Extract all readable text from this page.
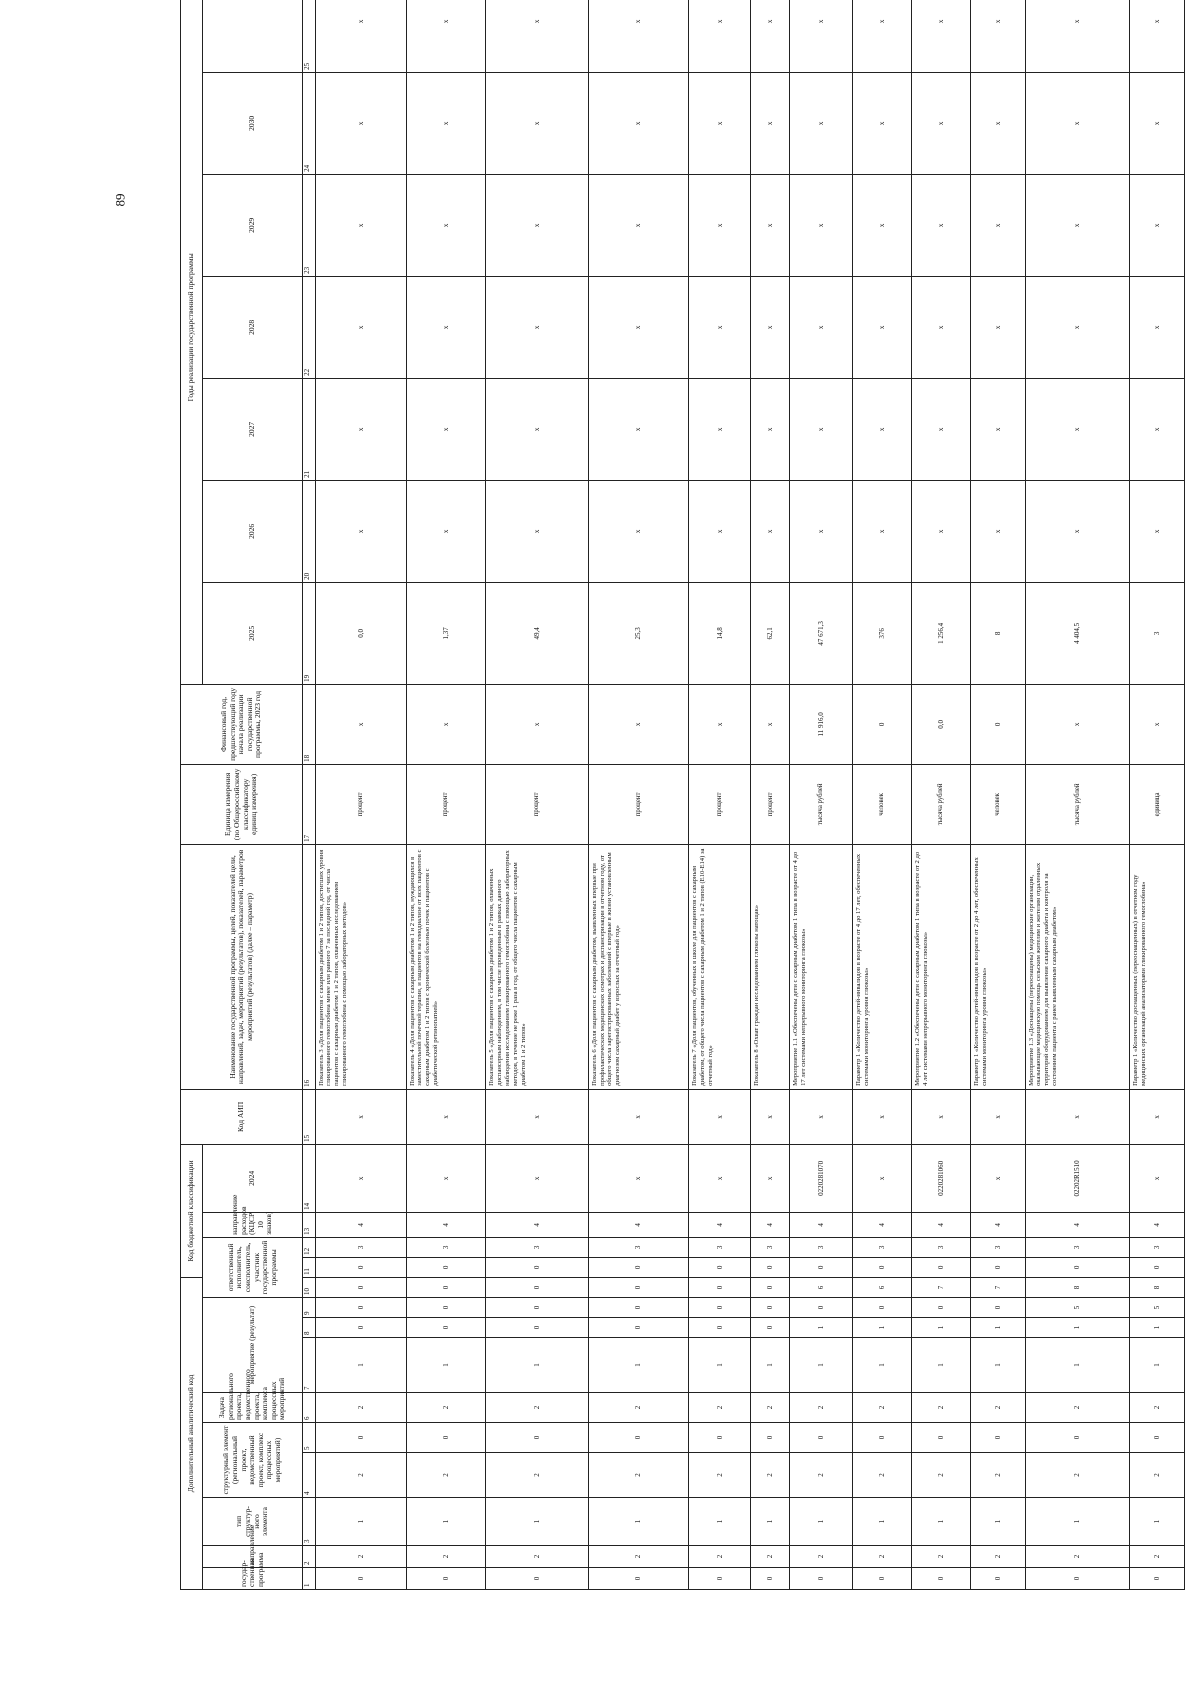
89
Дополнительный аналитический код										Код бюджетной классификации				Код АИП	Наименование государственной программы, целей, показателей цели, направлений, задач, мероприятий (результатов), показателей, параметров мероприятий (результатов) (далее – параметр)	Единица измерения (по Общероссийскому классификатору единиц измерения)	Финансовый год, предшествующий году начала реализации государственной программы, 2023 год	Годы реализации государственной программы						
государ-ственная программа	направление	тип структур-ного элемента	структурный элемент (региональный проект, ведомственный проект, комплекс процессных мероприятий)		Задача регионального проекта, ведомственного проекта, комплекса процессных мероприятий	мероприятие (результат)			ответственный исполнитель, соисполнитель, участник государственной программы			направление расходов (КЦСР 10 знаков)	2024					2025	2026	2027	2028	2029	2030	

1	2	3	4	5	6	7	8	9	10	11	12	13	14	15	16	17	18	19	20	21	22	23	24	25
0	2	1	2	0	2	1	0	0	0	0	3	4	х	х	Показатель 3 «Доля пациентов с сахарным диабетом 1 и 2 типов, достигших уровня гликированного гемоглобина менее или равного 7 за последний год, от числа пациентов с сахарным диабетом 1 и 2 типов, охваченных исследованием гликированного гемоглобина с помощью лабораторных методов»	процент	х	0,0	х	х	х	х	х	х
0	2	1	2	0	2	1	0	0	0	0	3	4	х	х	Показатель 4 «Доля пациентов с сахарным диабетом 1 и 2 типов, нуждающихся в заместительной почечной терапии, и пациентов на гемодиализе от всех пациентов с сахарным диабетом 1 и 2 типов с хронической болезнью почек и пациентов с диабетической ретинопатией»	процент	х	1,37	х	х	х	х	х	х
0	2	1	2	0	2	1	0	0	0	0	3	4	х	х	Показатель 5 «Доля пациентов с сахарным диабетом 1 и 2 типов, охваченных диспансерным наблюдением, в том числе проведенным в рамках данного наблюдения исследованием гликированного гемоглобина с помощью лабораторных методов, в течение не реже 1 раза в год, от общего числа пациентов с сахарным диабетом 1 и 2 типов»	процент	х	49,4	х	х	х	х	х	х
0	2	1	2	0	2	1	0	0	0	0	3	4	х	х	Показатель 6 «Доля пациентов с сахарным диабетом, выявленных впервые при профилактических медицинских осмотрах и диспансеризации в отчетном году, от общего числа зарегистрированных заболеваний с впервые в жизни установленным диагнозом сахарный диабет у взрослых за отчетный год»	процент	х	25,3	х	х	х	х	х	х
0	2	1	2	0	2	1	0	0	0	0	3	4	х	х	Показатель 7 «Доля пациентов, обученных в школе для пациентов с сахарным диабетом, от общего числа пациентов с сахарным диабетом 1 и 2 типов (E10-E14) за отчетный год»	процент	х	14,8	х	х	х	х	х	х
0	2	1	2	0	2	1	0	0	0	0	3	4	х	х	Показатель 8 «Охват граждан исследованием глюкозы натощак»	процент	х	62,1	х	х	х	х	х	х
0	2	1	2	0	2	1	1	0	6	0	3	4	0220281070	х	Мероприятие 1.1 «Обеспечены дети с сахарным диабетом 1 типа в возрасте от 4 до 17 лет системами непрерывного мониторинга глюкозы»	тысяча рублей	11 916,0	47 671,3	х	х	х	х	х	х
0	2	1	2	0	2	1	1	0	6	0	3	4	х	х	Параметр 1 «Количество детей-инвалидов в возрасте от 4 до 17 лет, обеспеченных системами мониторинга уровня глюкозы»	человек	0	376	х	х	х	х	х	х
0	2	1	2	0	2	1	1	0	7	0	3	4	0220281060	х	Мероприятие 1.2 «Обеспечены дети с сахарным диабетом 1 типа в возрасте от 2 до 4 лет системами непрерывного мониторинга глюкозы»	тысяча рублей	0,0	1 256,4	х	х	х	х	х	х
0	2	1	2	0	2	1	1	0	7	0	3	4	х	х	Параметр 1 «Количество детей-инвалидов в возрасте от 2 до 4 лет, обеспеченных системами мониторинга уровня глюкозы»	человек	0	8	х	х	х	х	х	х
0	2	1	2	0	2	1	1	5	8	0	3	4	02202R1510	х	Мероприятие 1.3 «Доснащены (переоснащены) медицинские организации, оказывающие медицинскую помощь сельским жителям и жителям отдаленных территорий оборудованием для выявления сахарного диабета и контроля за состоянием пациента с ранее выявленным сахарным диабетом»	тысяча рублей	х	4 404,5	х	х	х	х	х	х
0	2	1	2	0	2	1	1	5	8	0	3	4	х	х	Параметр 1 «Количество доснащенных (переоснащенных) в отчетном году медицинских организаций анализаторами гликированного гемоглобина»	единица	х	3	х	х	х	х	х	х
